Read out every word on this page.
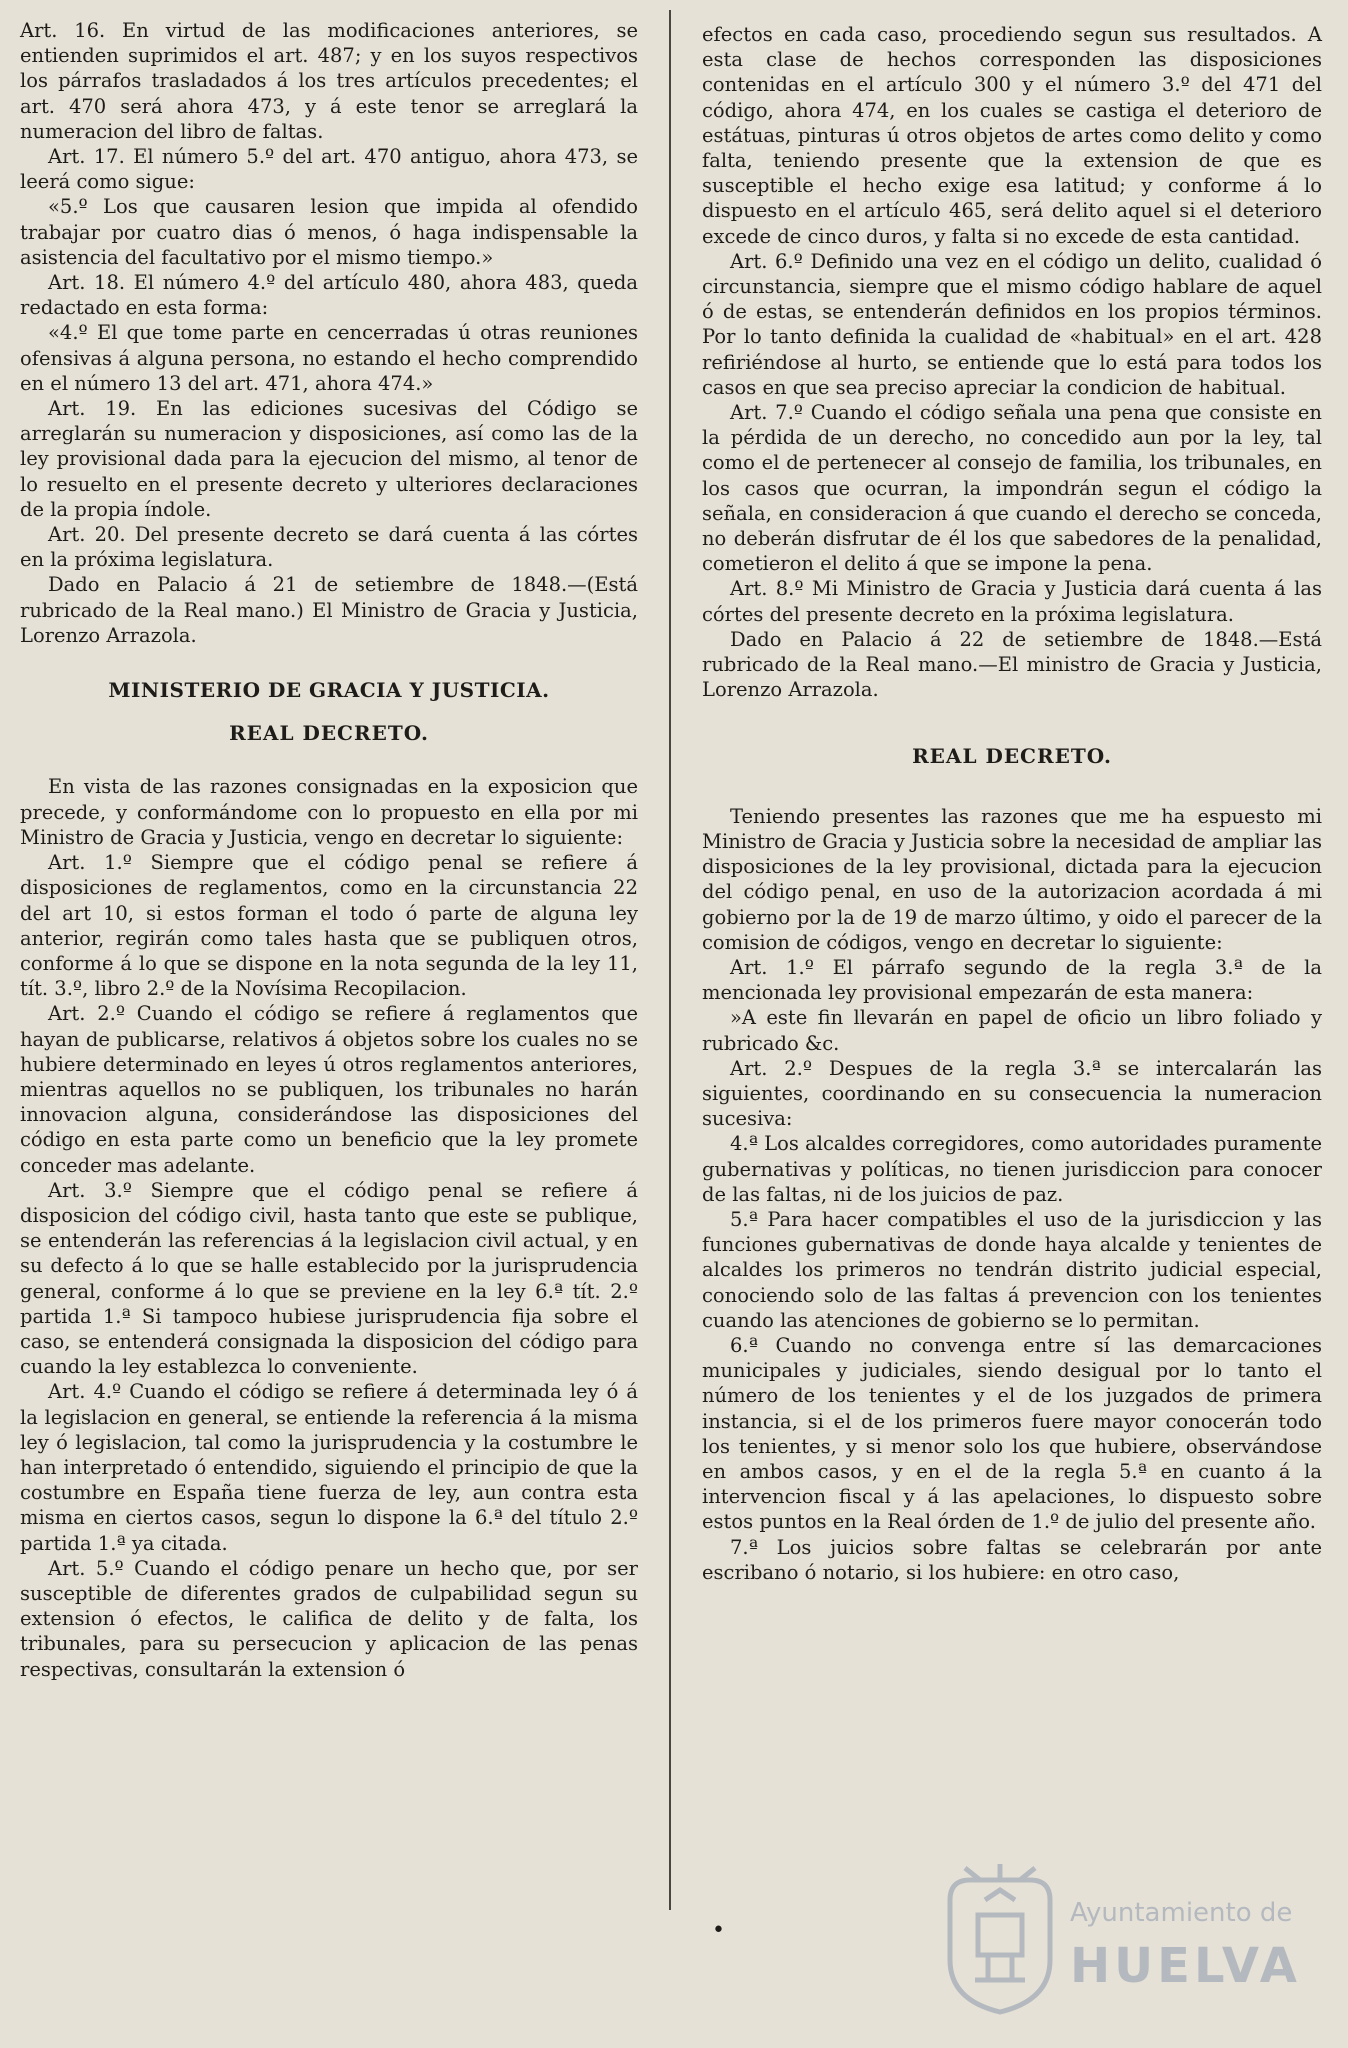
Art. 16. En virtud de las modificaciones anteriores, se entienden suprimidos el art. 487; y en los suyos respectivos los párrafos trasladados á los tres artículos precedentes; el art. 470 será ahora 473, y á este tenor se arreglará la numeracion del libro de faltas.

Art. 17. El número 5.º del art. 470 antiguo, ahora 473, se leerá como sigue:

«5.º Los que causaren lesion que impida al ofendido trabajar por cuatro dias ó menos, ó haga indispensable la asistencia del facultativo por el mismo tiempo.»

Art. 18. El número 4.º del artículo 480, ahora 483, queda redactado en esta forma:

«4.º El que tome parte en cencerradas ú otras reuniones ofensivas á alguna persona, no estando el hecho comprendido en el número 13 del art. 471, ahora 474.»

Art. 19. En las ediciones sucesivas del Código se arreglarán su numeracion y disposiciones, así como las de la ley provisional dada para la ejecucion del mismo, al tenor de lo resuelto en el presente decreto y ulteriores declaraciones de la propia índole.

Art. 20. Del presente decreto se dará cuenta á las córtes en la próxima legislatura.

Dado en Palacio á 21 de setiembre de 1848.—(Está rubricado de la Real mano.) El Ministro de Gracia y Justicia, Lorenzo Arrazola.

MINISTERIO DE GRACIA Y JUSTICIA.
REAL DECRETO.

En vista de las razones consignadas en la exposicion que precede, y conformándome con lo propuesto en ella por mi Ministro de Gracia y Justicia, vengo en decretar lo siguiente:

Art. 1.º Siempre que el código penal se refiere á disposiciones de reglamentos, como en la circunstancia 22 del art 10, si estos forman el todo ó parte de alguna ley anterior, regirán como tales hasta que se publiquen otros, conforme á lo que se dispone en la nota segunda de la ley 11, tít. 3.º, libro 2.º de la Novísima Recopilacion.

Art. 2.º Cuando el código se refiere á reglamentos que hayan de publicarse, relativos á objetos sobre los cuales no se hubiere determinado en leyes ú otros reglamentos anteriores, mientras aquellos no se publiquen, los tribunales no harán innovacion alguna, considerándose las disposiciones del código en esta parte como un beneficio que la ley promete conceder mas adelante.

Art. 3.º Siempre que el código penal se refiere á disposicion del código civil, hasta tanto que este se publique, se entenderán las referencias á la legislacion civil actual, y en su defecto á lo que se halle establecido por la jurisprudencia general, conforme á lo que se previene en la ley 6.ª tít. 2.º partida 1.ª Si tampoco hubiese jurisprudencia fija sobre el caso, se entenderá consignada la disposicion del código para cuando la ley establezca lo conveniente.

Art. 4.º Cuando el código se refiere á determinada ley ó á la legislacion en general, se entiende la referencia á la misma ley ó legislacion, tal como la jurisprudencia y la costumbre le han interpretado ó entendido, siguiendo el principio de que la costumbre en España tiene fuerza de ley, aun contra esta misma en ciertos casos, segun lo dispone la 6.ª del título 2.º partida 1.ª ya citada.

Art. 5.º Cuando el código penare un hecho que, por ser susceptible de diferentes grados de culpabilidad segun su extension ó efectos, le califica de delito y de falta, los tribunales, para su persecucion y aplicacion de las penas respectivas, consultarán la extension ó

efectos en cada caso, procediendo segun sus resultados. A esta clase de hechos corresponden las disposiciones contenidas en el artículo 300 y el número 3.º del 471 del código, ahora 474, en los cuales se castiga el deterioro de estátuas, pinturas ú otros objetos de artes como delito y como falta, teniendo presente que la extension de que es susceptible el hecho exige esa latitud; y conforme á lo dispuesto en el artículo 465, será delito aquel si el deterioro excede de cinco duros, y falta si no excede de esta cantidad.

Art. 6.º Definido una vez en el código un delito, cualidad ó circunstancia, siempre que el mismo código hablare de aquel ó de estas, se entenderán definidos en los propios términos. Por lo tanto definida la cualidad de «habitual» en el art. 428 refiriéndose al hurto, se entiende que lo está para todos los casos en que sea preciso apreciar la condicion de habitual.

Art. 7.º Cuando el código señala una pena que consiste en la pérdida de un derecho, no concedido aun por la ley, tal como el de pertenecer al consejo de familia, los tribunales, en los casos que ocurran, la impondrán segun el código la señala, en consideracion á que cuando el derecho se conceda, no deberán disfrutar de él los que sabedores de la penalidad, cometieron el delito á que se impone la pena.

Art. 8.º Mi Ministro de Gracia y Justicia dará cuenta á las córtes del presente decreto en la próxima legislatura.

Dado en Palacio á 22 de setiembre de 1848.—Está rubricado de la Real mano.—El ministro de Gracia y Justicia, Lorenzo Arrazola.

REAL DECRETO.

Teniendo presentes las razones que me ha espuesto mi Ministro de Gracia y Justicia sobre la necesidad de ampliar las disposiciones de la ley provisional, dictada para la ejecucion del código penal, en uso de la autorizacion acordada á mi gobierno por la de 19 de marzo último, y oido el parecer de la comision de códigos, vengo en decretar lo siguiente:

Art. 1.º El párrafo segundo de la regla 3.ª de la mencionada ley provisional empezarán de esta manera:

»A este fin llevarán en papel de oficio un libro foliado y rubricado &c.

Art. 2.º Despues de la regla 3.ª se intercalarán las siguientes, coordinando en su consecuencia la numeracion sucesiva:

4.ª Los alcaldes corregidores, como autoridades puramente gubernativas y políticas, no tienen jurisdiccion para conocer de las faltas, ni de los juicios de paz.

5.ª Para hacer compatibles el uso de la jurisdiccion y las funciones gubernativas de donde haya alcalde y tenientes de alcaldes los primeros no tendrán distrito judicial especial, conociendo solo de las faltas á prevencion con los tenientes cuando las atenciones de gobierno se lo permitan.

6.ª Cuando no convenga entre sí las demarcaciones municipales y judiciales, siendo desigual por lo tanto el número de los tenientes y el de los juzgados de primera instancia, si el de los primeros fuere mayor conocerán todo los tenientes, y si menor solo los que hubiere, observándose en ambos casos, y en el de la regla 5.ª en cuanto á la intervencion fiscal y á las apelaciones, lo dispuesto sobre estos puntos en la Real órden de 1.º de julio del presente año.

7.ª Los juicios sobre faltas se celebrarán por ante escribano ó notario, si los hubiere: en otro caso,

•
Ayuntamiento de
HUELVA
